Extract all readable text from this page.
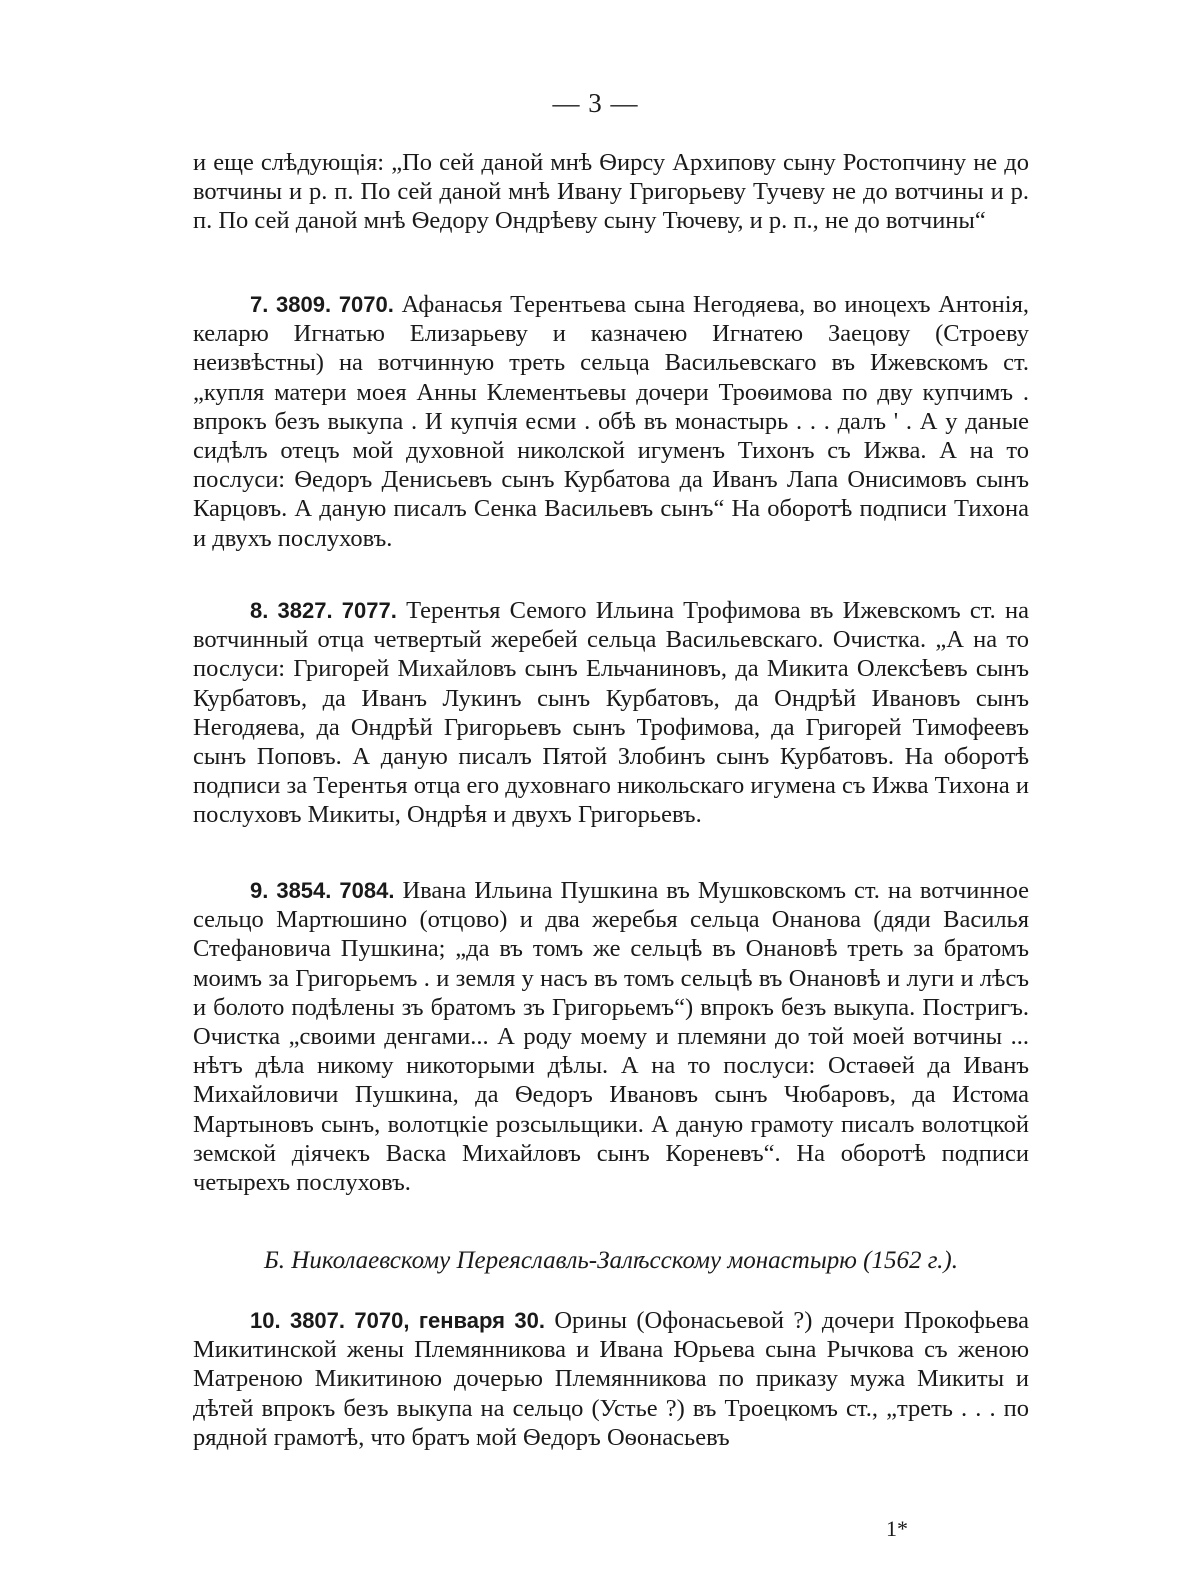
— 3 —

и еще слѣдующія: „По сей даной мнѣ Ѳирсу Архипову сыну Ростопчину не до вотчины и р. п. По сей даной мнѣ Ивану Григорьеву Тучеву не до вотчины и р. п. По сей даной мнѣ Ѳедору Ондрѣеву сыну Тючеву, и р. п., не до вотчины“

7. 3809. 7070. Афанасья Терентьева сына Негодяева, во иноцехъ Антонія, келарю Игнатью Елизарьеву и казначею Игнатею Заецову (Строеву неизвѣстны) на вотчинную треть сельца Васильевскаго въ Ижевскомъ ст. „купля матери моея Анны Клементьевы дочери Троѳимова по дву купчимъ . впрокъ безъ выкупа . И купчія есми . обѣ въ монастырь . . . далъ ' . А у даные сидѣлъ отецъ мой духовной николской игуменъ Тихонъ съ Ижва. А на то послуси: Ѳедоръ Денисьевъ сынъ Курбатова да Иванъ Лапа Онисимовъ сынъ Карцовъ. А даную писалъ Сенка Васильевъ сынъ“ На оборотѣ подписи Тихона и двухъ послуховъ.

8. 3827. 7077. Терентья Семого Ильина Трофимова въ Ижевскомъ ст. на вотчинный отца четвертый жеребей сельца Васильевскаго. Очистка. „А на то послуси: Григорей Михайловъ сынъ Ельчаниновъ, да Микита Олексѣевъ сынъ Курбатовъ, да Иванъ Лукинъ сынъ Курбатовъ, да Ондрѣй Ивановъ сынъ Негодяева, да Ондрѣй Григорьевъ сынъ Трофимова, да Григорей Тимофеевъ сынъ Поповъ. А даную писалъ Пятой Злобинъ сынъ Курбатовъ. На оборотѣ подписи за Терентья отца его духовнаго никольскаго игумена съ Ижва Тихона и послуховъ Микиты, Ондрѣя и двухъ Григорьевъ.

9. 3854. 7084. Ивана Ильина Пушкина въ Мушковскомъ ст. на вотчинное сельцо Мартюшино (отцово) и два жеребья сельца Онанова (дяди Василья Стефановича Пушкина; „да въ томъ же сельцѣ въ Онановѣ треть за братомъ моимъ за Григорьемъ . и земля у насъ въ томъ сельцѣ въ Онановѣ и луги и лѣсъ и болото подѣлены зъ братомъ зъ Григорьемъ“) впрокъ безъ выкупа. Постригъ. Очистка „своими денгами... А роду моему и племяни до той моей вотчины ... нѣтъ дѣла никому никоторыми дѣлы. А на то послуси: Остаѳей да Иванъ Михайловичи Пушкина, да Ѳедоръ Ивановъ сынъ Чюбаровъ, да Истома Мартыновъ сынъ, волотцкіе розсыльщики. А даную грамоту писалъ волотцкой земской діячекъ Васка Михайловъ сынъ Кореневъ“. На оборотѣ подписи четырехъ послуховъ.

Б. Николаевскому Переяславль-Залѣсскому монастырю (1562 г.).

10. 3807. 7070, генваря 30. Орины (Офонасьевой ?) дочери Прокофьева Микитинской жены Племянникова и Ивана Юрьева сына Рычкова съ женою Матреною Микитиною дочерью Племянникова по приказу мужа Микиты и дѣтей впрокъ безъ выкупа на сельцо (Устье ?) въ Троецкомъ ст., „треть . . . по рядной грамотѣ, что братъ мой Ѳедоръ Оѳонасьевъ

1*
